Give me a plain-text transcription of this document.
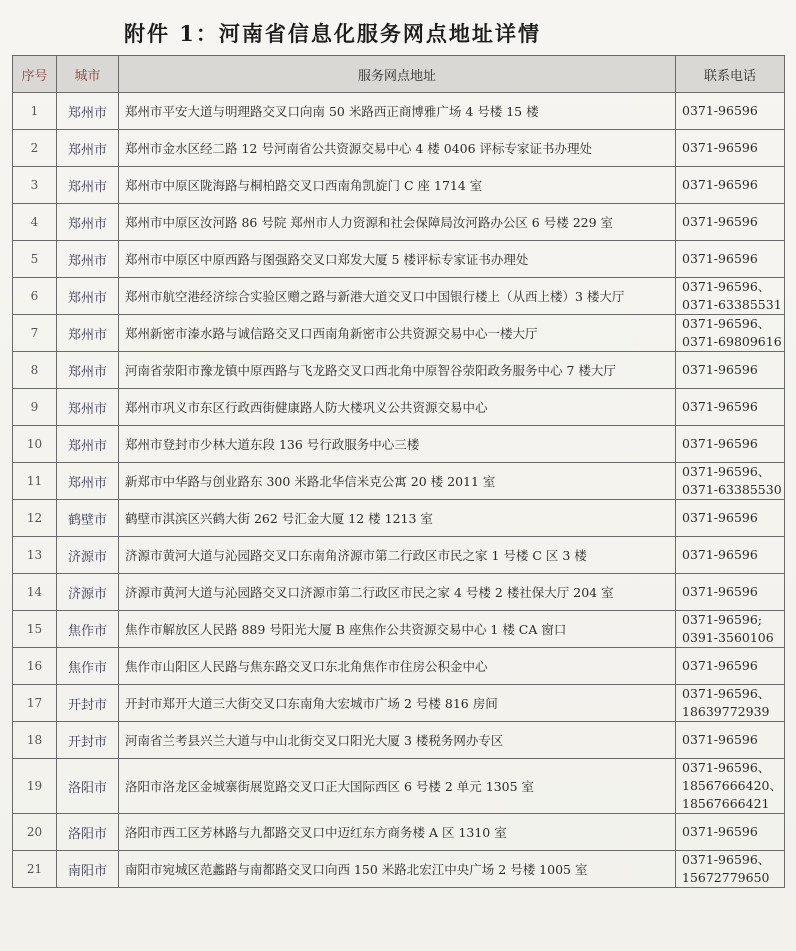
附件 1：河南省信息化服务网点地址详情
序号	城市	服务网点地址	联系电话
1	郑州市	郑州市平安大道与明理路交叉口向南 50 米路西正商博雅广场 4 号楼 15 楼	0371-96596

2	郑州市	郑州市金水区经二路 12 号河南省公共资源交易中心 4 楼 0406 评标专家证书办理处	0371-96596

3	郑州市	郑州市中原区陇海路与桐柏路交叉口西南角凯旋门 C 座 1714 室	0371-96596

4	郑州市	郑州市中原区汝河路 86 号院 郑州市人力资源和社会保障局汝河路办公区 6 号楼 229 室	0371-96596

5	郑州市	郑州市中原区中原西路与图强路交叉口郑发大厦 5 楼评标专家证书办理处	0371-96596

6	郑州市	郑州市航空港经济综合实验区赠之路与新港大道交叉口中国银行楼上（从西上楼）3 楼大厅	0371-96596、
0371-63385531

7	郑州市	郑州新密市溱水路与诚信路交叉口西南角新密市公共资源交易中心一楼大厅	0371-96596、
0371-69809616

8	郑州市	河南省荥阳市豫龙镇中原西路与飞龙路交叉口西北角中原智谷荥阳政务服务中心 7 楼大厅	0371-96596

9	郑州市	郑州市巩义市东区行政西街健康路人防大楼巩义公共资源交易中心	0371-96596

10	郑州市	郑州市登封市少林大道东段 136 号行政服务中心三楼	0371-96596

11	郑州市	新郑市中华路与创业路东 300 米路北华信米克公寓 20 楼 2011 室	0371-96596、
0371-63385530

12	鹤壁市	鹤壁市淇滨区兴鹤大街 262 号汇金大厦 12 楼 1213 室	0371-96596

13	济源市	济源市黄河大道与沁园路交叉口东南角济源市第二行政区市民之家 1 号楼 C 区 3 楼	0371-96596

14	济源市	济源市黄河大道与沁园路交叉口济源市第二行政区市民之家 4 号楼 2 楼社保大厅 204 室	0371-96596

15	焦作市	焦作市解放区人民路 889 号阳光大厦 B 座焦作公共资源交易中心 1 楼 CA 窗口	0371-96596;
0391-3560106

16	焦作市	焦作市山阳区人民路与焦东路交叉口东北角焦作市住房公积金中心	0371-96596

17	开封市	开封市郑开大道三大街交叉口东南角大宏城市广场 2 号楼 816 房间	0371-96596、
18639772939

18	开封市	河南省兰考县兴兰大道与中山北街交叉口阳光大厦 3 楼税务网办专区	0371-96596

19	洛阳市	洛阳市洛龙区金城寨街展览路交叉口正大国际西区 6 号楼 2 单元 1305 室	0371-96596、
18567666420、
18567666421

20	洛阳市	洛阳市西工区芳林路与九都路交叉口中迈红东方商务楼 A 区 1310 室	0371-96596

21	南阳市	南阳市宛城区范蠡路与南都路交叉口向西 150 米路北宏江中央广场 2 号楼 1005 室	0371-96596、
15672779650
